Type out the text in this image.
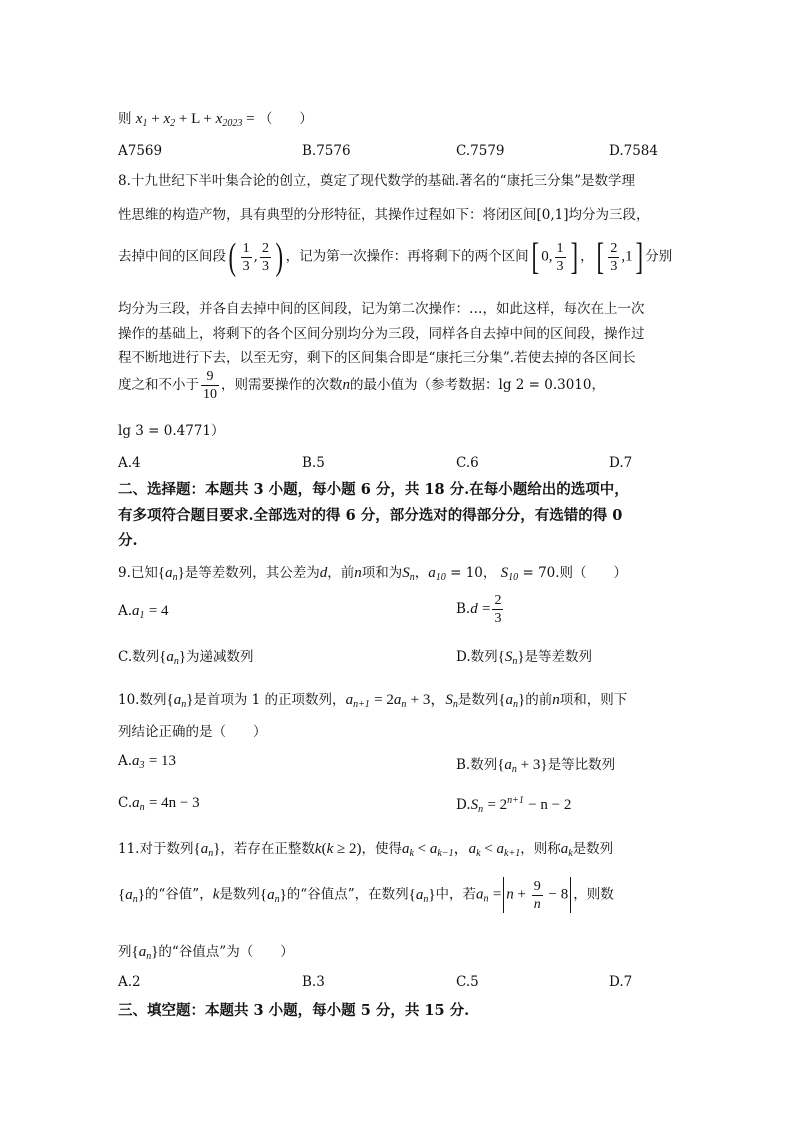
则 $x_1 + x_2 + L + x_{2023}$ = （　　）
A7569	B.7576	C.7579	D.7584
8.十九世纪下半叶集合论的创立，奠定了现代数学的基础.著名的“康托三分集”是数学理
性思维的构造产物，具有典型的分形特征，其操作过程如下：将闭区间[0,1]均分为三段，
去掉中间的区间段( $\frac{1}{3}$ , $\frac{2}{3}$ ) ，记为第一次操作：再将剩下的两个区间[ 0, $\frac{1}{3}$ ] ，[ $\frac{2}{3} ,1$] 分别
均分为三段，并各自去掉中间的区间段，记为第二次操作：…，如此这样，每次在上一次
操作的基础上，将剩下的各个区间分别均分为三段，同样各自去掉中间的区间段，操作过
程不断地进行下去，以至无穷，剩下的区间集合即是“康托三分集”.若使去掉的各区间长
度之和不小于 $\frac{9}{10}$ ，则需要操作的次数n的最小值为（参考数据：lg 2 = 0.3010，
lg 3 = 0.4771）
A.4	B.5	C.6	D.7
二、选择题：本题共 3 小题，每小题 6 分，共 18 分.在每小题给出的选项中，
有多项符合题目要求.全部选对的得 6 分，部分选对的得部分分，有选错的得 0
分.
9.已知$\{a_n\}$是等差数列，其公差为d，前n项和为$S_n$，$a_{10} = 10$， $S_{10} = 70$.则（　　）
$A.a_1 = 4$	$B.d = \frac{2}{3}$
C.数列$\{a_n\}$为递减数列	D.数列$\{S_n\}$是等差数列
10.数列$\{a_n\}$是首项为 1 的正项数列，$a_{n+1} = 2a_n + 3$，$S_n$是数列$\{a_n\}$的前n项和，则下
列结论正确的是（　　）
$A.a_3 = 13$	B.数列$\{a_n + 3\}$是等比数列
$C.a_n = 4n - 3$	$D.S_n = 2^{n+1} - n - 2$
11.对于数列$\{a_n\}$，若存在正整数k(k ≥ 2)，使得$a_k < a_{k-1}$，$a_k < a_{k+1}$，则称$a_k$是数列
$\{a_n\}$的“谷值”，k是数列$\{a_n\}$的“谷值点”，在数列$\{a_n\}$中，若$a_n = n + \frac{9}{n} - 8$ ，则数
列$\{a_n\}$的“谷值点”为（　　）
A.2	B.3	C.5	D.7
三、填空题：本题共 3 小题，每小题 5 分，共 15 分.
